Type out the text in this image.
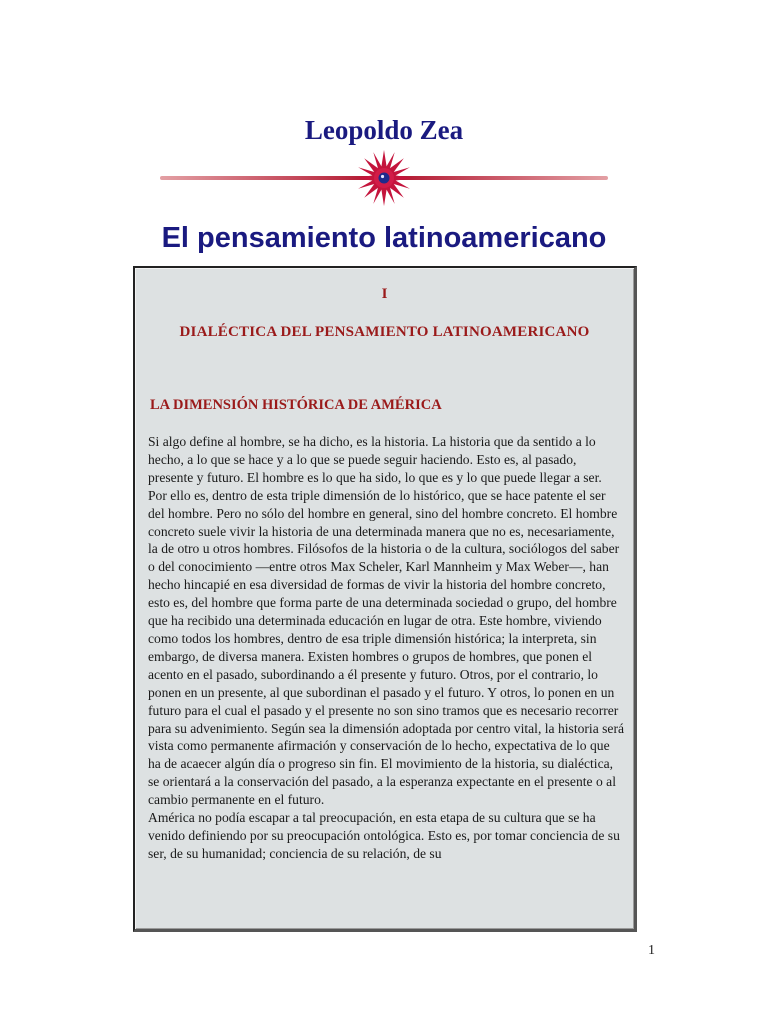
Leopoldo Zea
El pensamiento latinoamericano
I
DIALÉCTICA DEL PENSAMIENTO LATINOAMERICANO
LA DIMENSIÓN HISTÓRICA DE AMÉRICA

Si algo define al hombre, se ha dicho, es la historia. La historia que da sentido a lo hecho, a lo que se hace y a lo que se puede seguir haciendo. Esto es, al pasado, presente y futuro. El hombre es lo que ha sido, lo que es y lo que puede llegar a ser. Por ello es, dentro de esta triple dimensión de lo histórico, que se hace patente el ser del hombre. Pero no sólo del hombre en general, sino del hombre concreto. El hombre concreto suele vivir la historia de una determinada manera que no es, necesariamente, la de otro u otros hombres. Filósofos de la historia o de la cultura, sociólogos del saber o del conocimiento —entre otros Max Scheler, Karl Mannheim y Max Weber—, han hecho hincapié en esa diversidad de formas de vivir la historia del hombre concreto, esto es, del hombre que forma parte de una determinada sociedad o grupo, del hombre que ha recibido una determinada educación en lugar de otra. Este hombre, viviendo como todos los hombres, dentro de esa triple dimensión histórica; la interpreta, sin embargo, de diversa manera. Existen hombres o grupos de hombres, que ponen el acento en el pasado, subordinando a él presente y futuro. Otros, por el contrario, lo ponen en un presente, al que subordinan el pasado y el futuro. Y otros, lo ponen en un futuro para el cual el pasado y el presente no son sino tramos que es necesario recorrer para su advenimiento. Según sea la dimensión adoptada por centro vital, la historia será vista como permanente afirmación y conservación de lo hecho, expectativa de lo que ha de acaecer algún día o progreso sin fin. El movimiento de la historia, su dialéctica, se orientará a la conservación del pasado, a la esperanza expectante en el presente o al cambio permanente en el futuro.

América no podía escapar a tal preocupación, en esta etapa de su cultura que se ha venido definiendo por su preocupación ontológica. Esto es, por tomar conciencia de su ser, de su humanidad; conciencia de su relación, de su

1
